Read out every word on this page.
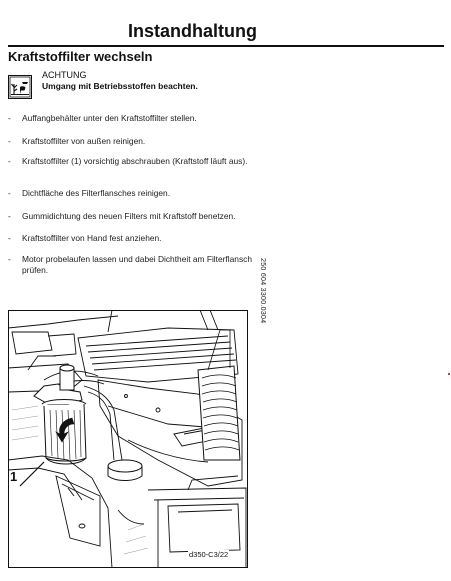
Instandhaltung
Kraftstoffilter wechseln
ACHTUNG
Umgang mit Betriebsstoffen beachten.
- Auffangbehälter unter den Kraftstoffilter stellen.
- Kraftstoffilter von außen reinigen.
- Kraftstoffilter (1) vorsichtig abschrauben (Kraftstoff läuft aus).
- Dichtfläche des Filterflansches reinigen.
- Gummidichtung des neuen Filters mit Kraftstoff benetzen.
- Kraftstoffilter von Hand fest anziehen.
- Motor probelaufen lassen und dabei Dichtheit am Filterflansch prüfen.	250 604 3300.0304
1
d350-C3/22
